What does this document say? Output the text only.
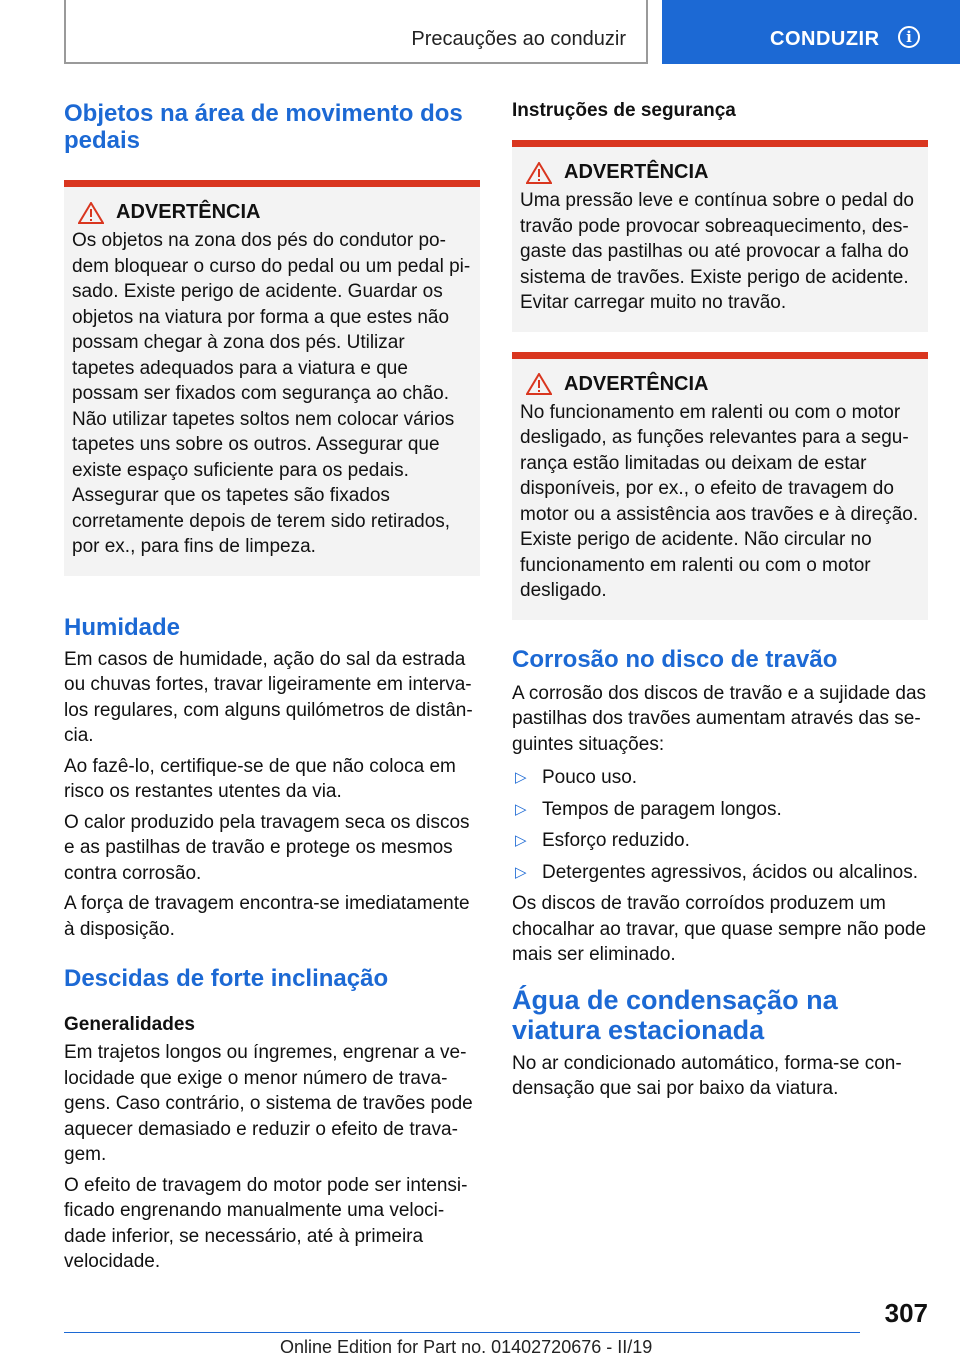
Precauções ao conduzir	CONDUZIR	i
Objetos na área de movimento dos pedais
ADVERTÊNCIA

Os objetos na zona dos pés do condutor podem bloquear o curso do pedal ou um pedal pisado. Existe perigo de acidente. Guardar os objetos na viatura por forma a que estes não possam chegar à zona dos pés. Utilizar tapetes adequados para a viatura e que possam ser fixados com segurança ao chão. Não utilizar tapetes soltos nem colocar vários tapetes uns sobre os outros. Assegurar que existe espaço suficiente para os pedais. Assegurar que os tapetes são fixados corretamente depois de terem sido retirados, por ex., para fins de limpeza.

Humidade

Em casos de humidade, ação do sal da estrada ou chuvas fortes, travar ligeiramente em intervalos regulares, com alguns quilómetros de distância.

Ao fazê-lo, certifique-se de que não coloca em risco os restantes utentes da via.

O calor produzido pela travagem seca os discos e as pastilhas de travão e protege os mesmos contra corrosão.

A força de travagem encontra-se imediatamente à disposição.

Descidas de forte inclinação
Generalidades

Em trajetos longos ou íngremes, engrenar a velocidade que exige o menor número de travagens. Caso contrário, o sistema de travões pode aquecer demasiado e reduzir o efeito de travagem.

O efeito de travagem do motor pode ser intensificado engrenando manualmente uma velocidade inferior, se necessário, até à primeira velocidade.

Instruções de segurança
ADVERTÊNCIA

Uma pressão leve e contínua sobre o pedal do travão pode provocar sobreaquecimento, desgaste das pastilhas ou até provocar a falha do sistema de travões. Existe perigo de acidente. Evitar carregar muito no travão.

ADVERTÊNCIA

No funcionamento em ralenti ou com o motor desligado, as funções relevantes para a segurança estão limitadas ou deixam de estar disponíveis, por ex., o efeito de travagem do motor ou a assistência aos travões e à direção. Existe perigo de acidente. Não circular no funcionamento em ralenti ou com o motor desligado.

Corrosão no disco de travão

A corrosão dos discos de travão e a sujidade das pastilhas dos travões aumentam através das seguintes situações:

▷ Pouco uso.
▷ Tempos de paragem longos.
▷ Esforço reduzido.
▷ Detergentes agressivos, ácidos ou alcalinos.

Os discos de travão corroídos produzem um chocalhar ao travar, que quase sempre não pode mais ser eliminado.

Água de condensação na viatura estacionada

No ar condicionado automático, forma-se condensação que sai por baixo da viatura.

307
Online Edition for Part no. 01402720676 - II/19
